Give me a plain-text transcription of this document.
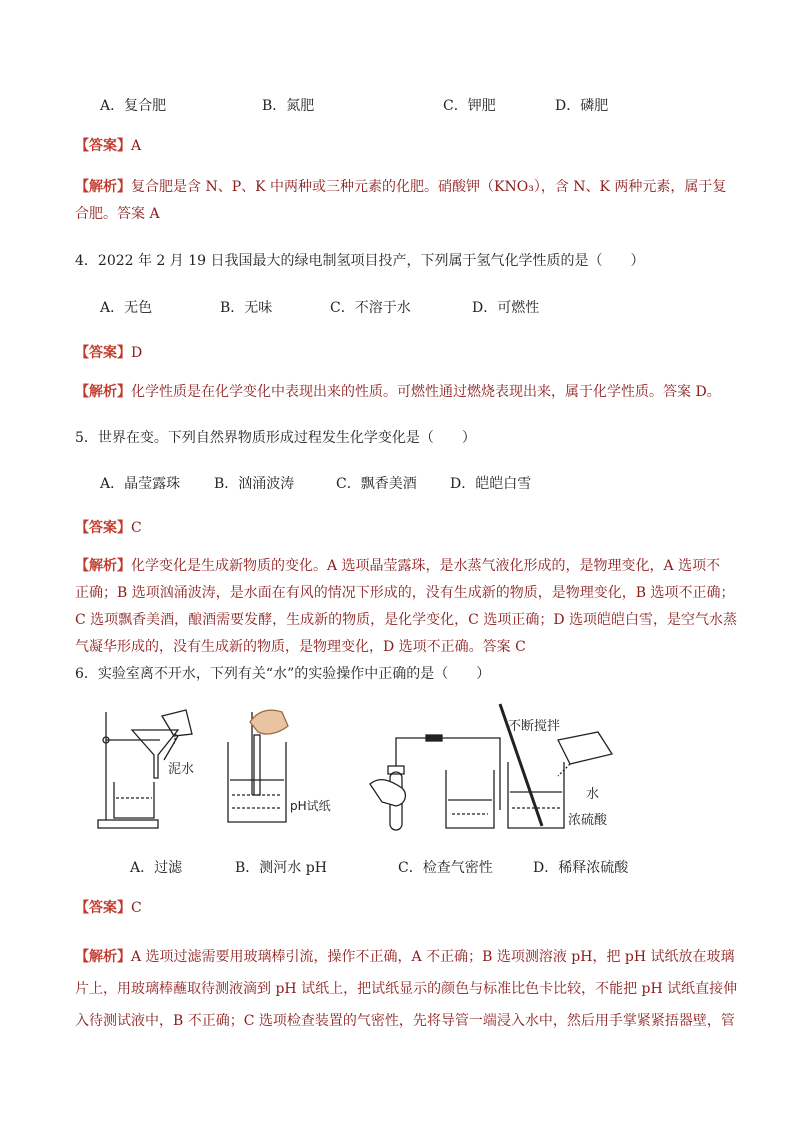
A．复合肥	B．氮肥	C．钾肥	D．磷肥
【答案】A
【解析】复合肥是含 N、P、K 中两种或三种元素的化肥。硝酸钾（KNO₃），含 N、K 两种元素，属于复
合肥。答案 A
4．2022 年 2 月 19 日我国最大的绿电制氢项目投产，下列属于氢气化学性质的是（　　）
A．无色	B．无味	C．不溶于水	D．可燃性
【答案】D
【解析】化学性质是在化学变化中表现出来的性质。可燃性通过燃烧表现出来，属于化学性质。答案 D。
5．世界在变。下列自然界物质形成过程发生化学变化是（　　）
A．晶莹露珠 B．汹涌波涛	C．飘香美酒 D．皑皑白雪
【答案】C
【解析】化学变化是生成新物质的变化。A 选项晶莹露珠，是水蒸气液化形成的，是物理变化，A 选项不
正确；B 选项汹涌波涛，是水面在有风的情况下形成的，没有生成新的物质，是物理变化，B 选项不正确；
C 选项飘香美酒，酿酒需要发酵，生成新的物质，是化学变化，C 选项正确；D 选项皑皑白雪，是空气水蒸
气凝华形成的，没有生成新的物质，是物理变化，D 选项不正确。答案 C
6．实验室离不开水，下列有关“水”的实验操作中正确的是（　　）
泥水
pH试纸
不断搅拌
水
浓硫酸
A．过滤	B．测河水 pH	C．检查气密性	D．稀释浓硫酸
【答案】C
【解析】A 选项过滤需要用玻璃棒引流，操作不正确，A 不正确；B 选项测溶液 pH，把 pH 试纸放在玻璃
片上，用玻璃棒蘸取待测液滴到 pH 试纸上，把试纸显示的颜色与标准比色卡比较，不能把 pH 试纸直接伸
入待测试液中，B 不正确；C 选项检查装置的气密性，先将导管一端浸入水中，然后用手掌紧紧捂器壁，管
